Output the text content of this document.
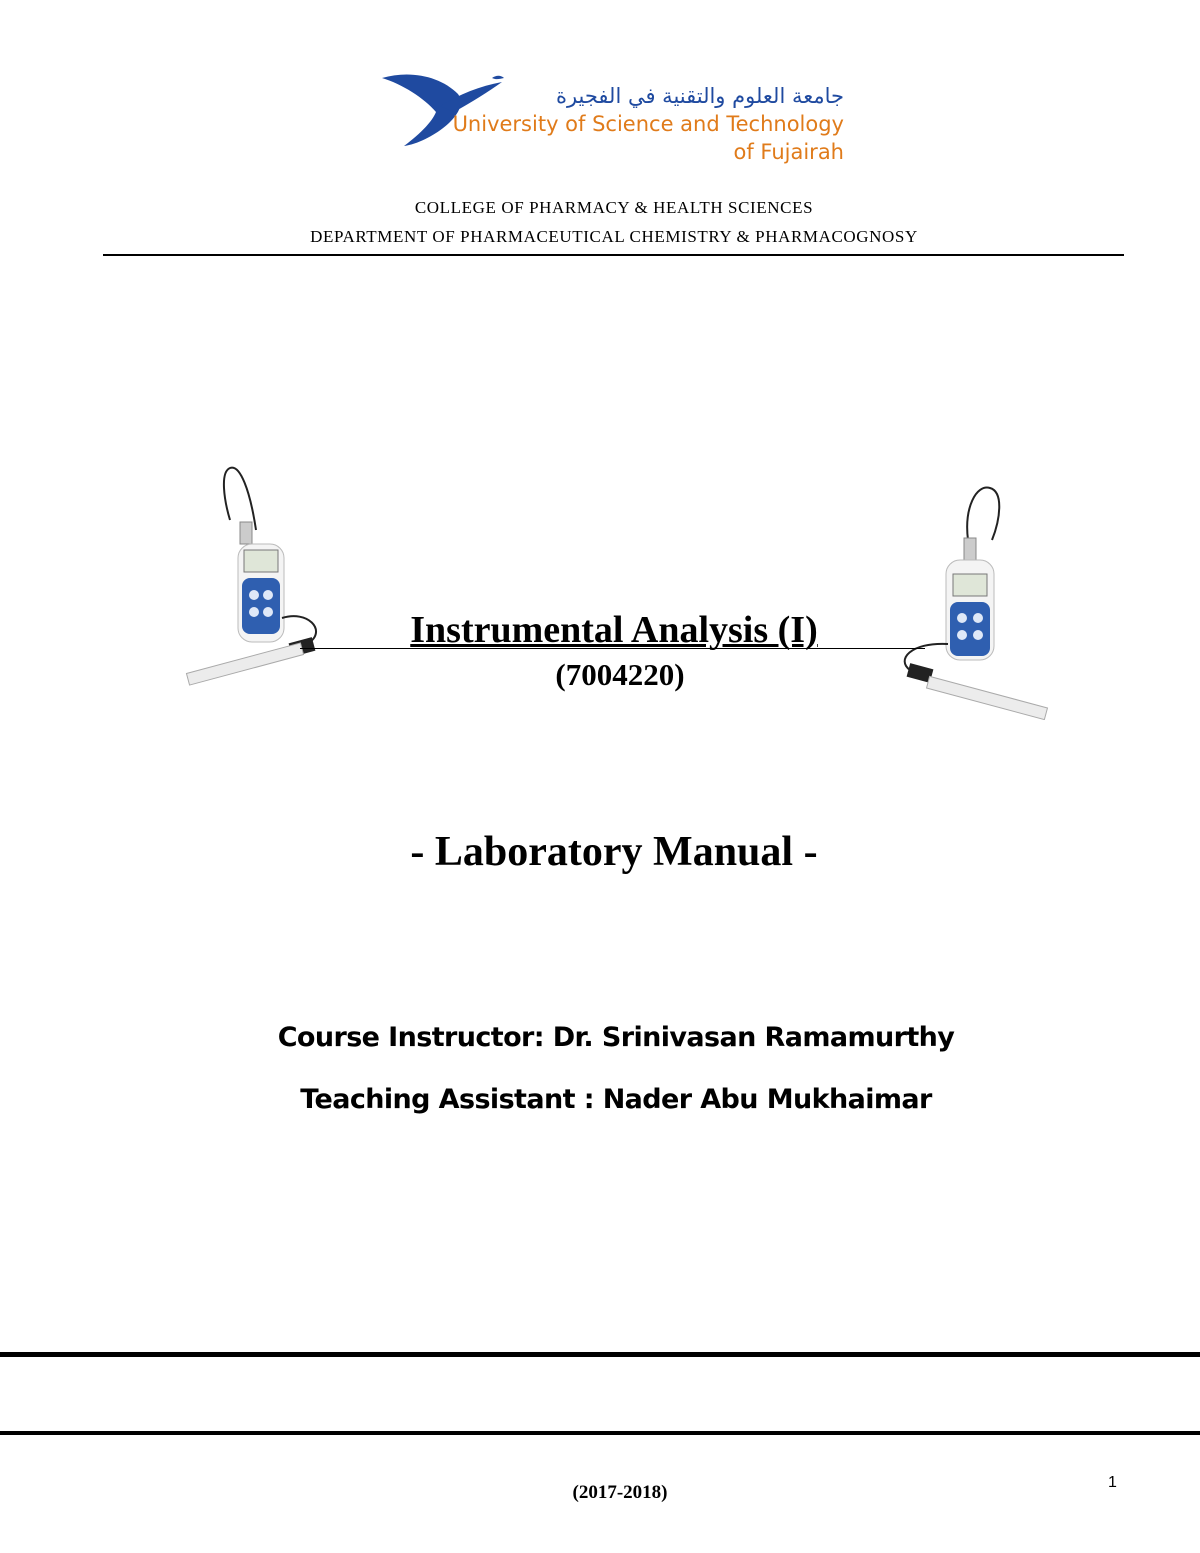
جامعة العلوم والتقنية في الفجيرة
University of Science and Technology
of Fujairah
COLLEGE OF PHARMACY & HEALTH SCIENCES
DEPARTMENT OF PHARMACEUTICAL CHEMISTRY & PHARMACOGNOSY
Instrumental Analysis (I)
(7004220)
- Laboratory Manual -
Course Instructor: Dr. Srinivasan Ramamurthy
Teaching Assistant : Nader Abu Mukhaimar
(2017-2018)	1
